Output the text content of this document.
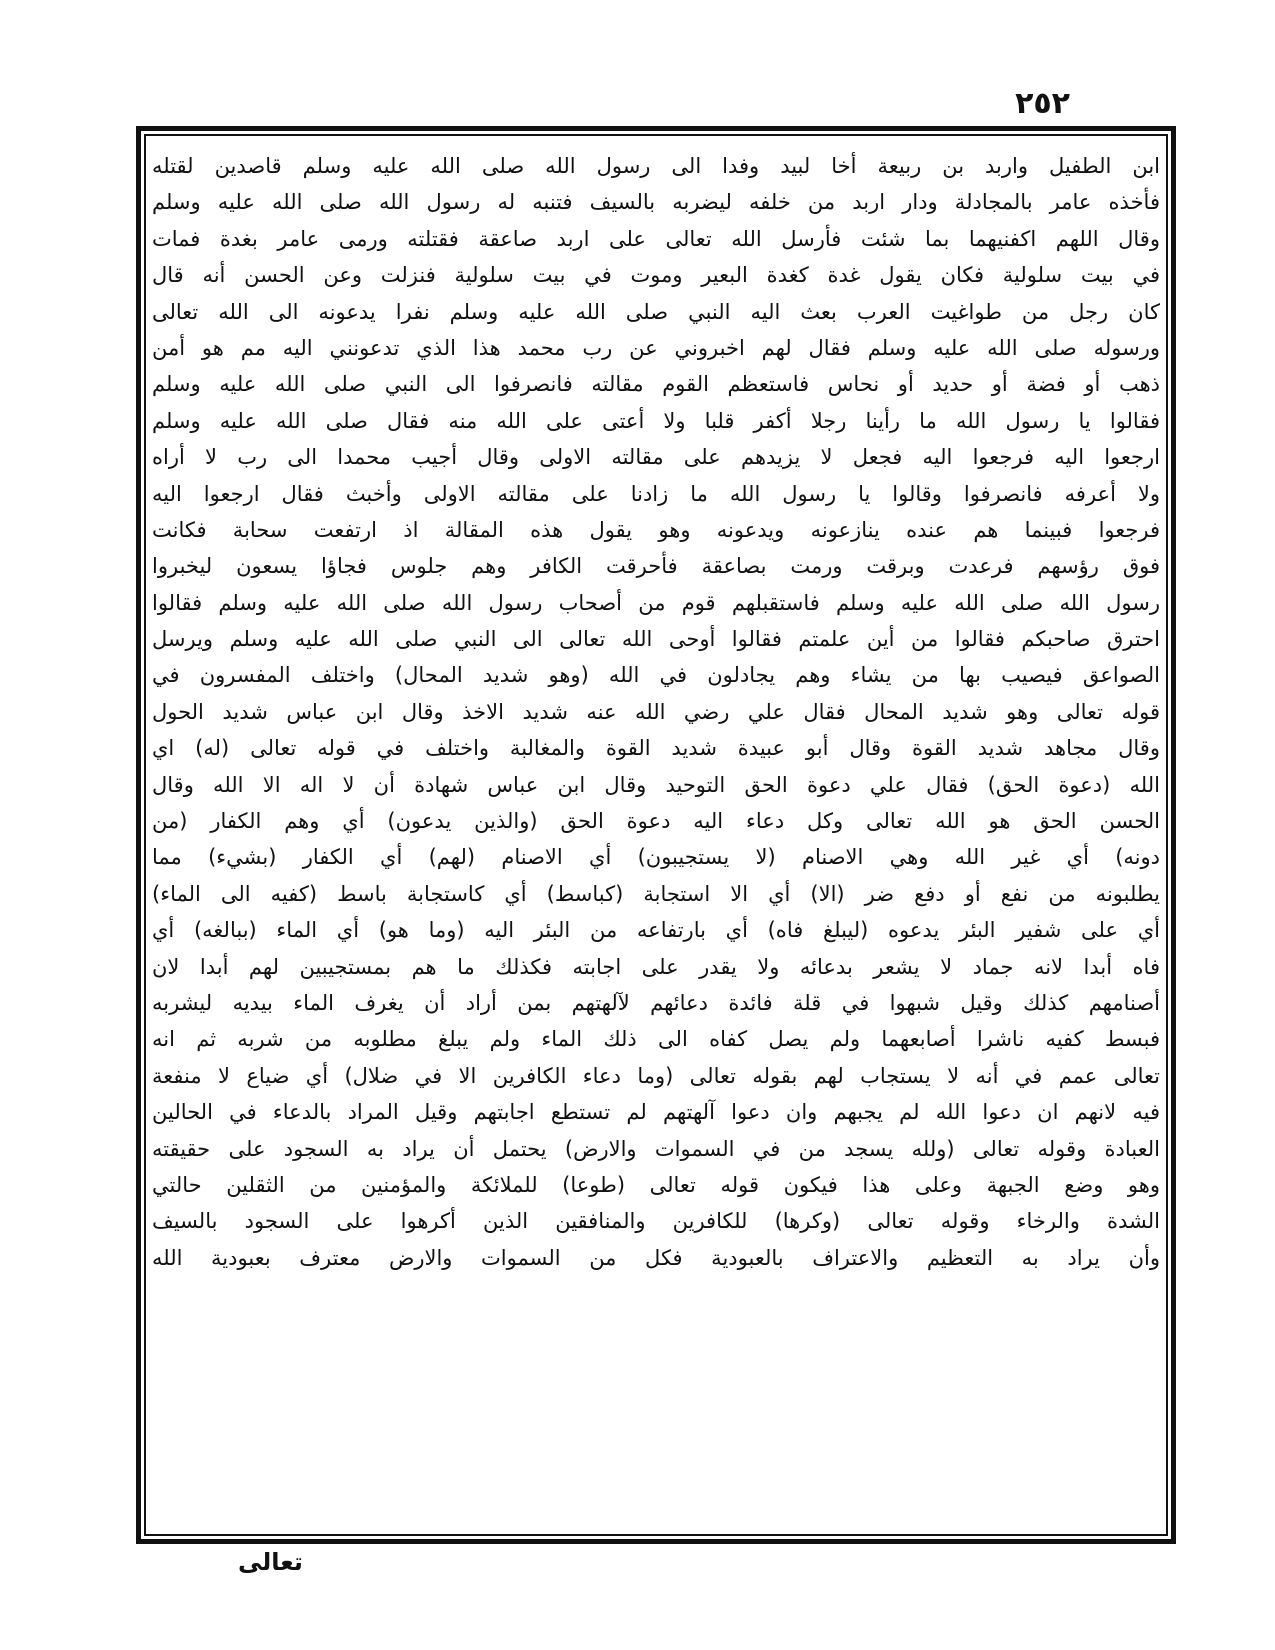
٢٥٢
ابن الطفيل واربد بن ربيعة أخا لبيد وفدا الى رسول الله صلى الله عليه وسلم قاصدين لقتله
فأخذه عامر بالمجادلة ودار اربد من خلفه ليضربه بالسيف فتنبه له رسول الله صلى الله عليه وسلم
وقال اللهم اكفنيهما بما شئت فأرسل الله تعالى على اربد صاعقة فقتلته ورمى عامر بغدة فمات
في بيت سلولية فكان يقول غدة كغدة البعير وموت في بيت سلولية فنزلت وعن الحسن أنه قال
كان رجل من طواغيت العرب بعث اليه النبي صلى الله عليه وسلم نفرا يدعونه الى الله تعالى
ورسوله صلى الله عليه وسلم فقال لهم اخبروني عن رب محمد هذا الذي تدعونني اليه مم هو أمن
ذهب أو فضة أو حديد أو نحاس فاستعظم القوم مقالته فانصرفوا الى النبي صلى الله عليه وسلم
فقالوا يا رسول الله ما رأينا رجلا أكفر قلبا ولا أعتى على الله منه فقال صلى الله عليه وسلم
ارجعوا اليه فرجعوا اليه فجعل لا يزيدهم على مقالته الاولى وقال أجيب محمدا الى رب لا أراه
ولا أعرفه فانصرفوا وقالوا يا رسول الله ما زادنا على مقالته الاولى وأخبث فقال ارجعوا اليه
فرجعوا فبينما هم عنده ينازعونه ويدعونه وهو يقول هذه المقالة اذ ارتفعت سحابة فكانت
فوق رؤسهم فرعدت وبرقت ورمت بصاعقة فأحرقت الكافر وهم جلوس فجاؤا يسعون ليخبروا
رسول الله صلى الله عليه وسلم فاستقبلهم قوم من أصحاب رسول الله صلى الله عليه وسلم فقالوا
احترق صاحبكم فقالوا من أين علمتم فقالوا أوحى الله تعالى الى النبي صلى الله عليه وسلم ويرسل
الصواعق فيصيب بها من يشاء وهم يجادلون في الله (وهو شديد المحال) واختلف المفسرون في
قوله تعالى وهو شديد المحال فقال علي رضي الله عنه شديد الاخذ وقال ابن عباس شديد الحول
وقال مجاهد شديد القوة وقال أبو عبيدة شديد القوة والمغالبة واختلف في قوله تعالى (له) اي
الله (دعوة الحق) فقال علي دعوة الحق التوحيد وقال ابن عباس شهادة أن لا اله الا الله وقال
الحسن الحق هو الله تعالى وكل دعاء اليه دعوة الحق (والذين يدعون) أي وهم الكفار (من
دونه) أي غير الله وهي الاصنام (لا يستجيبون) أي الاصنام (لهم) أي الكفار (بشيء) مما
يطلبونه من نفع أو دفع ضر (الا) أي الا استجابة (كباسط) أي كاستجابة باسط (كفيه الى الماء)
أي على شفير البئر يدعوه (ليبلغ فاه) أي بارتفاعه من البئر اليه (وما هو) أي الماء (ببالغه) أي
فاه أبدا لانه جماد لا يشعر بدعائه ولا يقدر على اجابته فكذلك ما هم بمستجيبين لهم أبدا لان
أصنامهم كذلك وقيل شبهوا في قلة فائدة دعائهم لآلهتهم بمن أراد أن يغرف الماء بيديه ليشربه
فبسط كفيه ناشرا أصابعهما ولم يصل كفاه الى ذلك الماء ولم يبلغ مطلوبه من شربه ثم انه
تعالى عمم في أنه لا يستجاب لهم بقوله تعالى (وما دعاء الكافرين الا في ضلال) أي ضياع لا منفعة
فيه لانهم ان دعوا الله لم يجبهم وان دعوا آلهتهم لم تستطع اجابتهم وقيل المراد بالدعاء في الحالين
العبادة وقوله تعالى (ولله يسجد من في السموات والارض) يحتمل أن يراد به السجود على حقيقته
وهو وضع الجبهة وعلى هذا فيكون قوله تعالى (طوعا) للملائكة والمؤمنين من الثقلين حالتي
الشدة والرخاء وقوله تعالى (وكرها) للكافرين والمنافقين الذين أكرهوا على السجود بالسيف
وأن يراد به التعظيم والاعتراف بالعبودية فكل من السموات والارض معترف بعبودية الله
تعالى
